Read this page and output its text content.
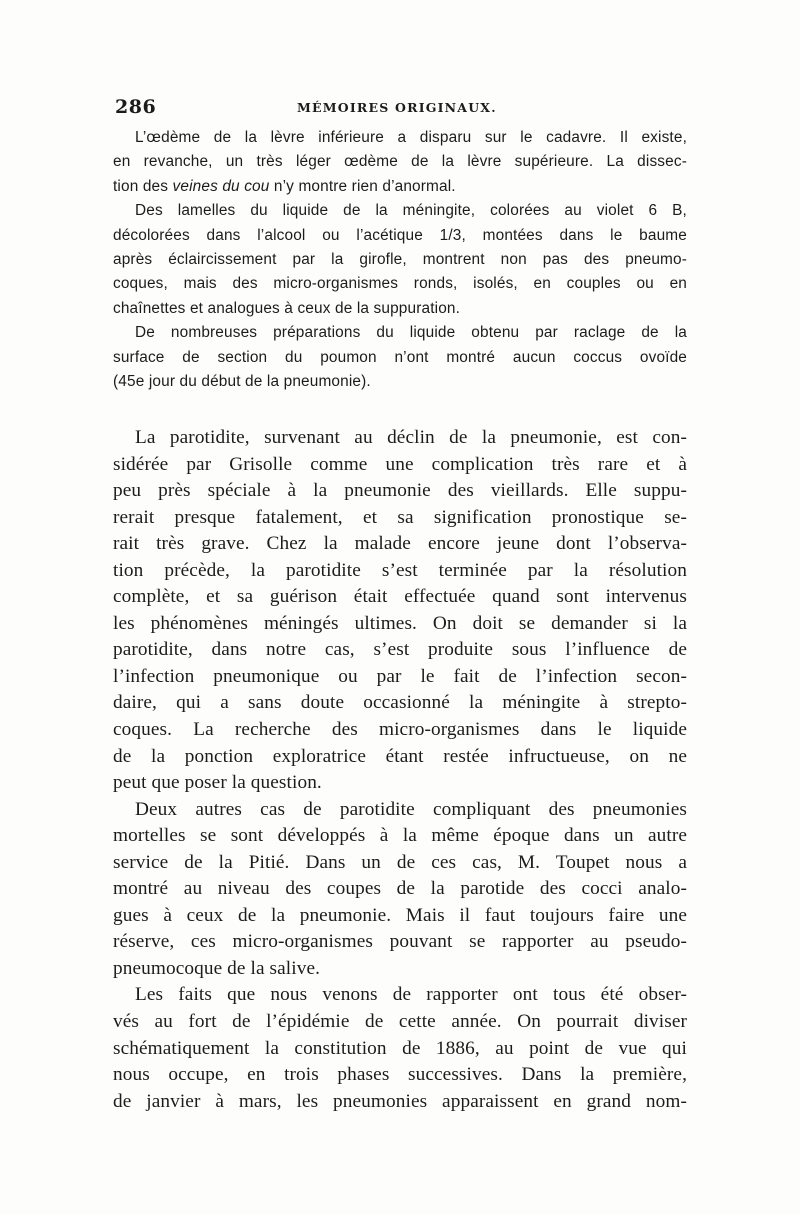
286	MÉMOIRES ORIGINAUX.
L’œdème de la lèvre inférieure a disparu sur le cadavre. Il existe,
en revanche, un très léger œdème de la lèvre supérieure. La dissec-
tion des veines du cou n’y montre rien d’anormal.
Des lamelles du liquide de la méningite, colorées au violet 6 B,
décolorées dans l’alcool ou l’acétique 1/3, montées dans le baume
après éclaircissement par la girofle, montrent non pas des pneumo-
coques, mais des micro-organismes ronds, isolés, en couples ou en
chaînettes et analogues à ceux de la suppuration.
De nombreuses préparations du liquide obtenu par raclage de la
surface de section du poumon n’ont montré aucun coccus ovoïde
(45e jour du début de la pneumonie).
La parotidite, survenant au déclin de la pneumonie, est con-
sidérée par Grisolle comme une complication très rare et à
peu près spéciale à la pneumonie des vieillards. Elle suppu-
rerait presque fatalement, et sa signification pronostique se-
rait très grave. Chez la malade encore jeune dont l’observa-
tion précède, la parotidite s’est terminée par la résolution
complète, et sa guérison était effectuée quand sont intervenus
les phénomènes méningés ultimes. On doit se demander si la
parotidite, dans notre cas, s’est produite sous l’influence de
l’infection pneumonique ou par le fait de l’infection secon-
daire, qui a sans doute occasionné la méningite à strepto-
coques. La recherche des micro-organismes dans le liquide
de la ponction exploratrice étant restée infructueuse, on ne
peut que poser la question.
Deux autres cas de parotidite compliquant des pneumonies
mortelles se sont développés à la même époque dans un autre
service de la Pitié. Dans un de ces cas, M. Toupet nous a
montré au niveau des coupes de la parotide des cocci analo-
gues à ceux de la pneumonie. Mais il faut toujours faire une
réserve, ces micro-organismes pouvant se rapporter au pseudo-
pneumocoque de la salive.
Les faits que nous venons de rapporter ont tous été obser-
vés au fort de l’épidémie de cette année. On pourrait diviser
schématiquement la constitution de 1886, au point de vue qui
nous occupe, en trois phases successives. Dans la première,
de janvier à mars, les pneumonies apparaissent en grand nom-
